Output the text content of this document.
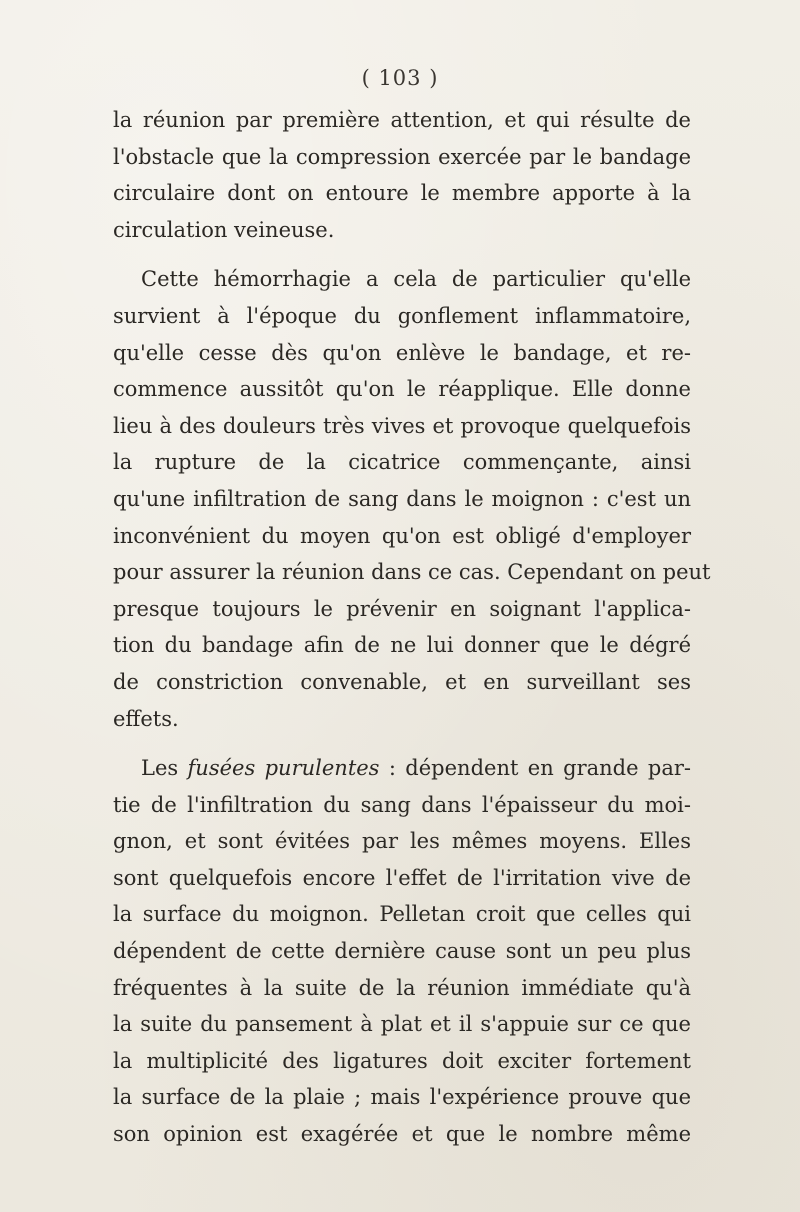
( 103 )

la réunion par première attention, et qui résulte de
l'obstacle que la compression exercée par le bandage
circulaire dont on entoure le membre apporte à la
circulation veineuse.

Cette hémorrhagie a cela de particulier qu'elle
survient à l'époque du gonflement inflammatoire,
qu'elle cesse dès qu'on enlève le bandage, et re-
commence aussitôt qu'on le réapplique. Elle donne
lieu à des douleurs très vives et provoque quelquefois
la rupture de la cicatrice commençante, ainsi
qu'une infiltration de sang dans le moignon : c'est un
inconvénient du moyen qu'on est obligé d'employer
pour assurer la réunion dans ce cas. Cependant on peut
presque toujours le prévenir en soignant l'applica-
tion du bandage afin de ne lui donner que le dégré
de constriction convenable, et en surveillant ses
effets.

Les fusées purulentes : dépendent en grande par-
tie de l'infiltration du sang dans l'épaisseur du moi-
gnon, et sont évitées par les mêmes moyens. Elles
sont quelquefois encore l'effet de l'irritation vive de
la surface du moignon. Pelletan croit que celles qui
dépendent de cette dernière cause sont un peu plus
fréquentes à la suite de la réunion immédiate qu'à
la suite du pansement à plat et il s'appuie sur ce que
la multiplicité des ligatures doit exciter fortement
la surface de la plaie ; mais l'expérience prouve que
son opinion est exagérée et que le nombre même
